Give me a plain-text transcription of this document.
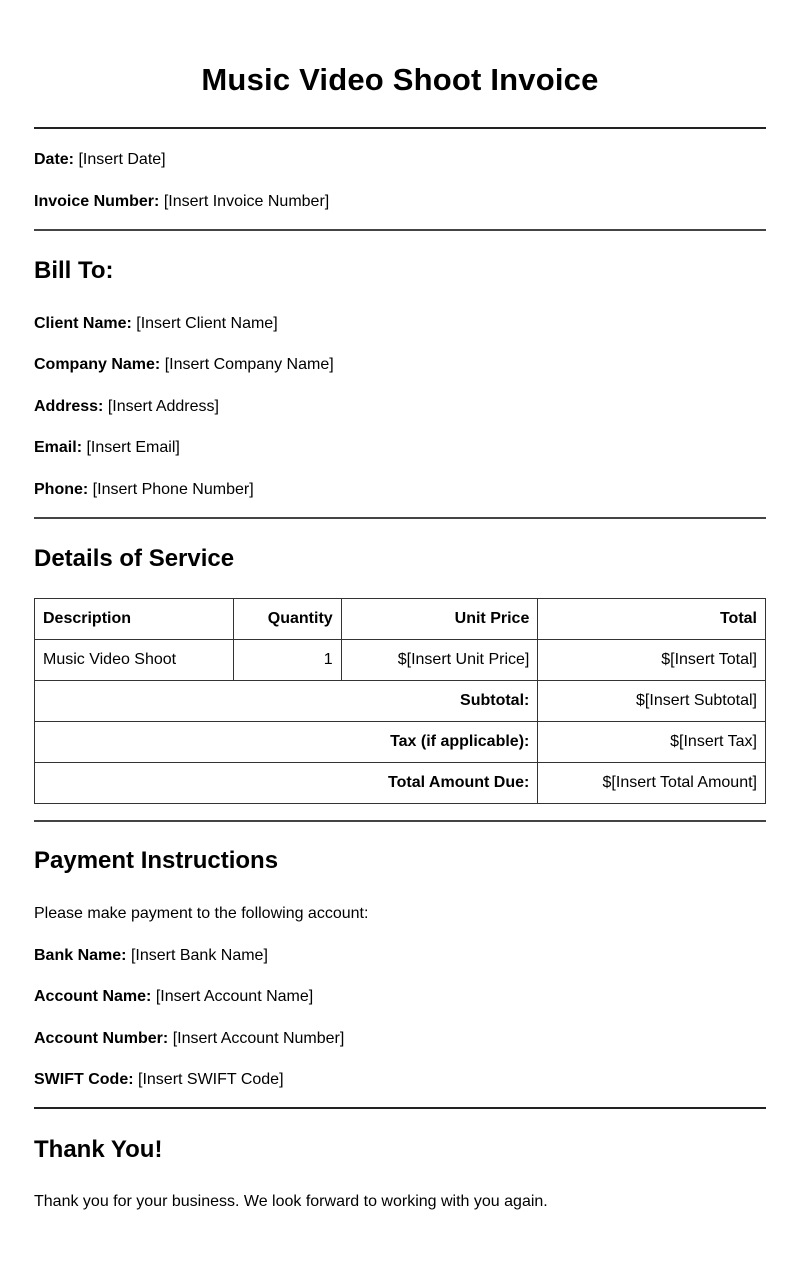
Music Video Shoot Invoice
Date: [Insert Date]
Invoice Number: [Insert Invoice Number]
Bill To:
Client Name: [Insert Client Name]
Company Name: [Insert Company Name]
Address: [Insert Address]
Email: [Insert Email]
Phone: [Insert Phone Number]
Details of Service
Description	Quantity	Unit Price	Total
Music Video Shoot	1	$[Insert Unit Price]	$[Insert Total]
Subtotal:			$[Insert Subtotal]
Tax (if applicable):			$[Insert Tax]
Total Amount Due:			$[Insert Total Amount]
Payment Instructions
Please make payment to the following account:
Bank Name: [Insert Bank Name]
Account Name: [Insert Account Name]
Account Number: [Insert Account Number]
SWIFT Code: [Insert SWIFT Code]
Thank You!
Thank you for your business. We look forward to working with you again.
